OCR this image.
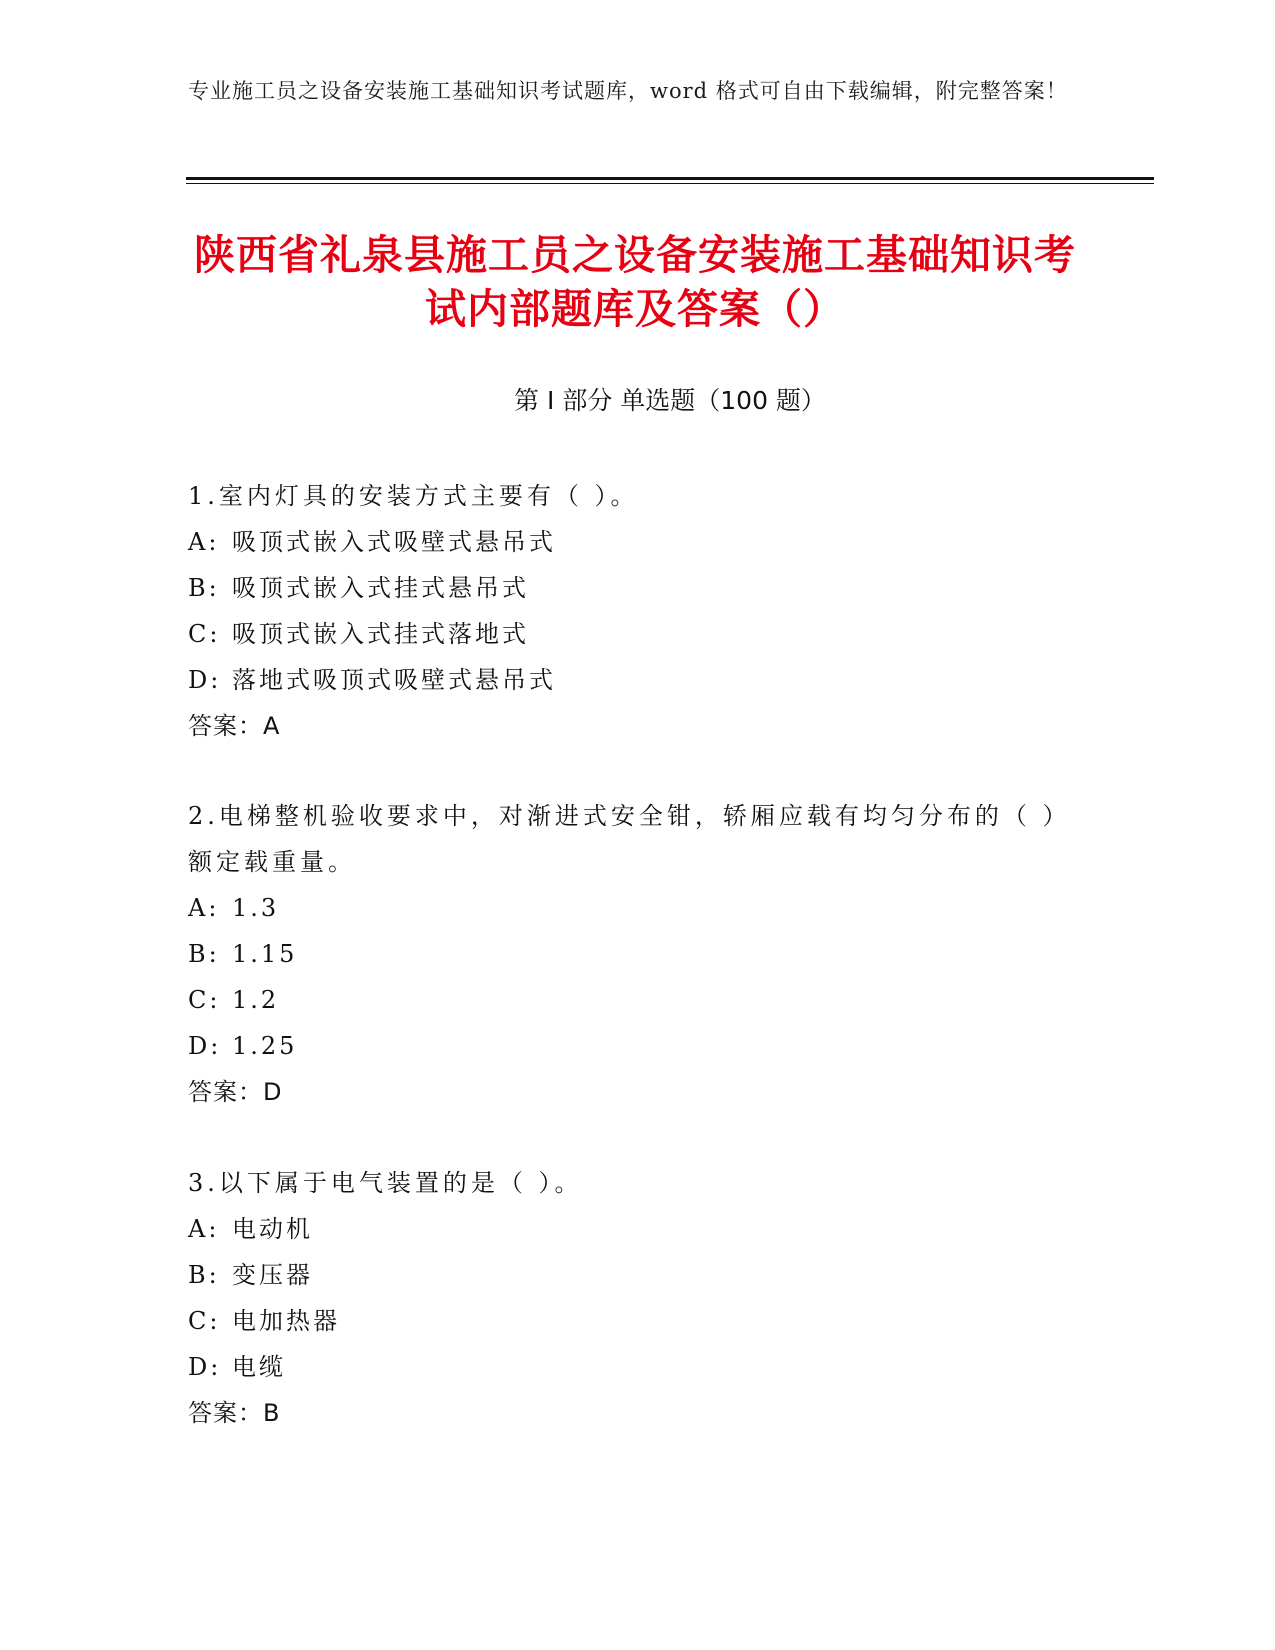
专业施工员之设备安装施工基础知识考试题库，word 格式可自由下载编辑，附完整答案！
陕西省礼泉县施工员之设备安装施工基础知识考试内部题库及答案（）
第 I 部分 单选题（100 题）

1.室内灯具的安装方式主要有（ ）。

A: 吸顶式嵌入式吸壁式悬吊式

B: 吸顶式嵌入式挂式悬吊式

C: 吸顶式嵌入式挂式落地式

D: 落地式吸顶式吸壁式悬吊式

答案：A

2.电梯整机验收要求中，对渐进式安全钳，轿厢应载有均匀分布的（ ）额定载重量。

A: 1.3

B: 1.15

C: 1.2

D: 1.25

答案：D

3.以下属于电气装置的是（ ）。

A: 电动机

B: 变压器

C: 电加热器

D: 电缆

答案：B
